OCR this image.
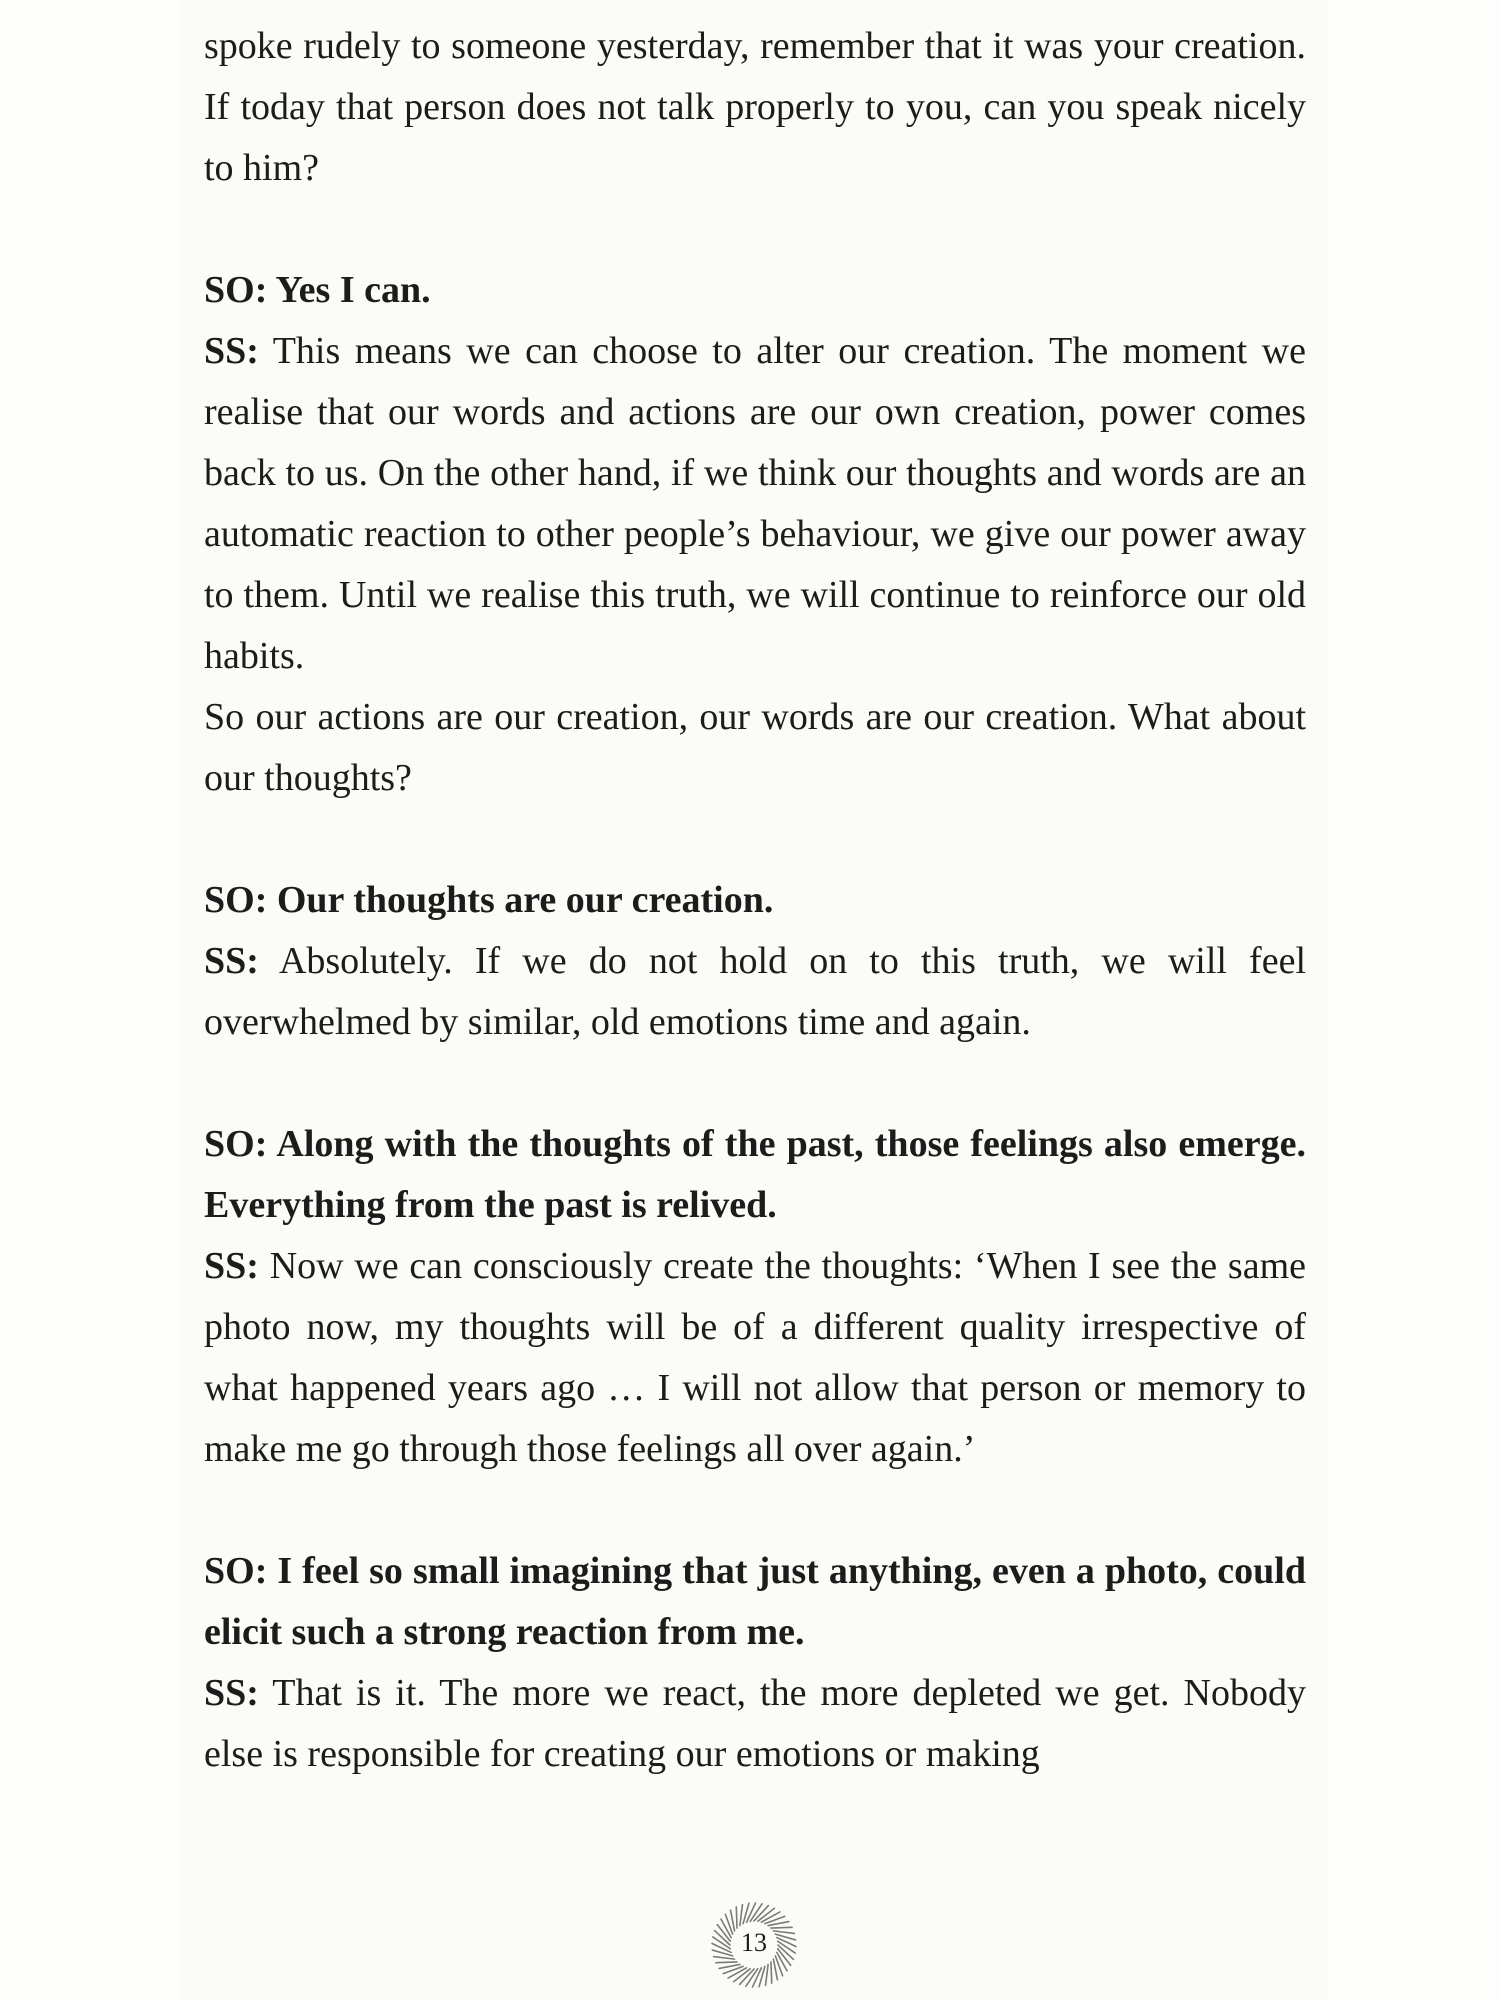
spoke rudely to someone yesterday, remember that it was your creation. If today that person does not talk properly to you, can you speak nicely to him?

SO: Yes I can.

SS: This means we can choose to alter our creation. The moment we realise that our words and actions are our own creation, power comes back to us. On the other hand, if we think our thoughts and words are an automatic reaction to other people’s behaviour, we give our power away to them. Until we realise this truth, we will continue to reinforce our old habits.

So our actions are our creation, our words are our creation. What about our thoughts?

SO: Our thoughts are our creation.

SS: Absolutely. If we do not hold on to this truth, we will feel overwhelmed by similar, old emotions time and again.

SO: Along with the thoughts of the past, those feelings also emerge. Everything from the past is relived.

SS: Now we can consciously create the thoughts: ‘When I see the same photo now, my thoughts will be of a different quality irrespective of what happened years ago … I will not allow that person or memory to make me go through those feelings all over again.’

SO: I feel so small imagining that just anything, even a photo, could elicit such a strong reaction from me.

SS: That is it. The more we react, the more depleted we get. Nobody else is responsible for creating our emotions or making

13
